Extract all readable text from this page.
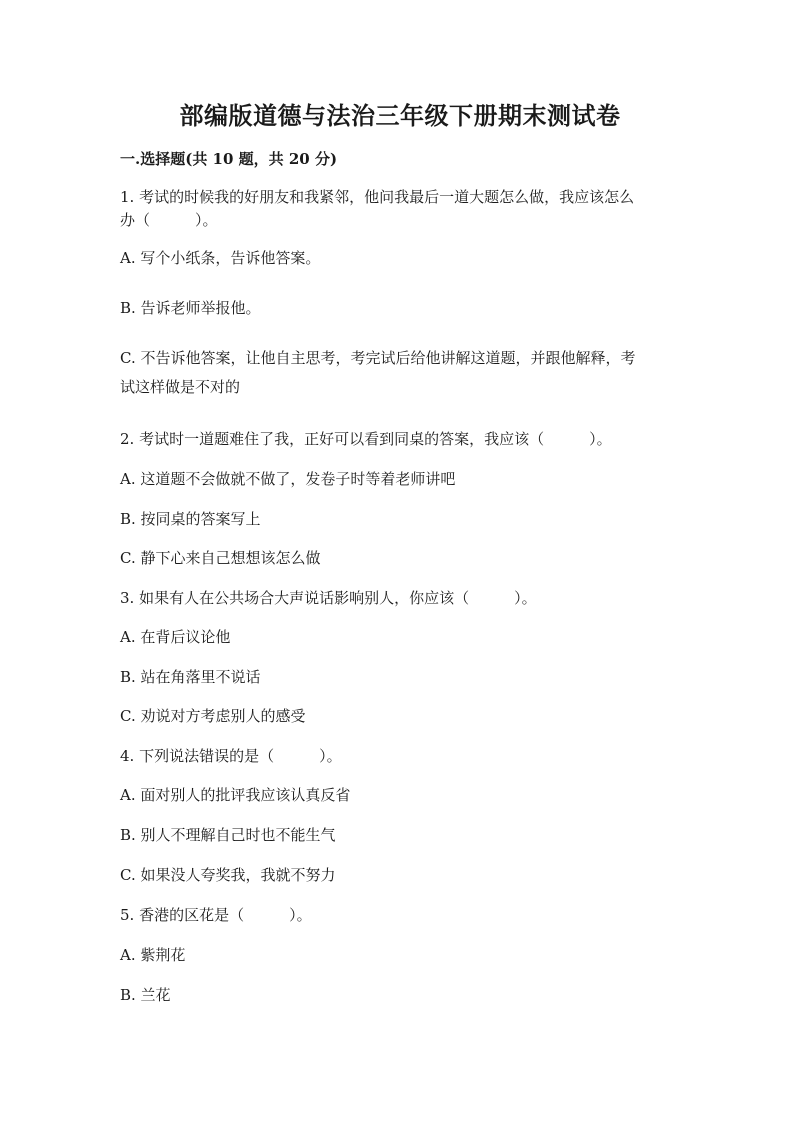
部编版道德与法治三年级下册期末测试卷
一.选择题(共 10 题，共 20 分)
1. 考试的时候我的好朋友和我紧邻，他问我最后一道大题怎么做，我应该怎么
办（　　　）。
A. 写个小纸条，告诉他答案。
B. 告诉老师举报他。
C. 不告诉他答案，让他自主思考，考完试后给他讲解这道题，并跟他解释，考
试这样做是不对的
2. 考试时一道题难住了我，正好可以看到同桌的答案，我应该（　　　）。
A. 这道题不会做就不做了，发卷子时等着老师讲吧
B. 按同桌的答案写上
C. 静下心来自己想想该怎么做
3. 如果有人在公共场合大声说话影响别人，你应该（　　　）。
A. 在背后议论他
B. 站在角落里不说话
C. 劝说对方考虑别人的感受
4. 下列说法错误的是（　　　）。
A. 面对别人的批评我应该认真反省
B. 别人不理解自己时也不能生气
C. 如果没人夸奖我，我就不努力
5. 香港的区花是（　　　）。
A. 紫荆花
B. 兰花
